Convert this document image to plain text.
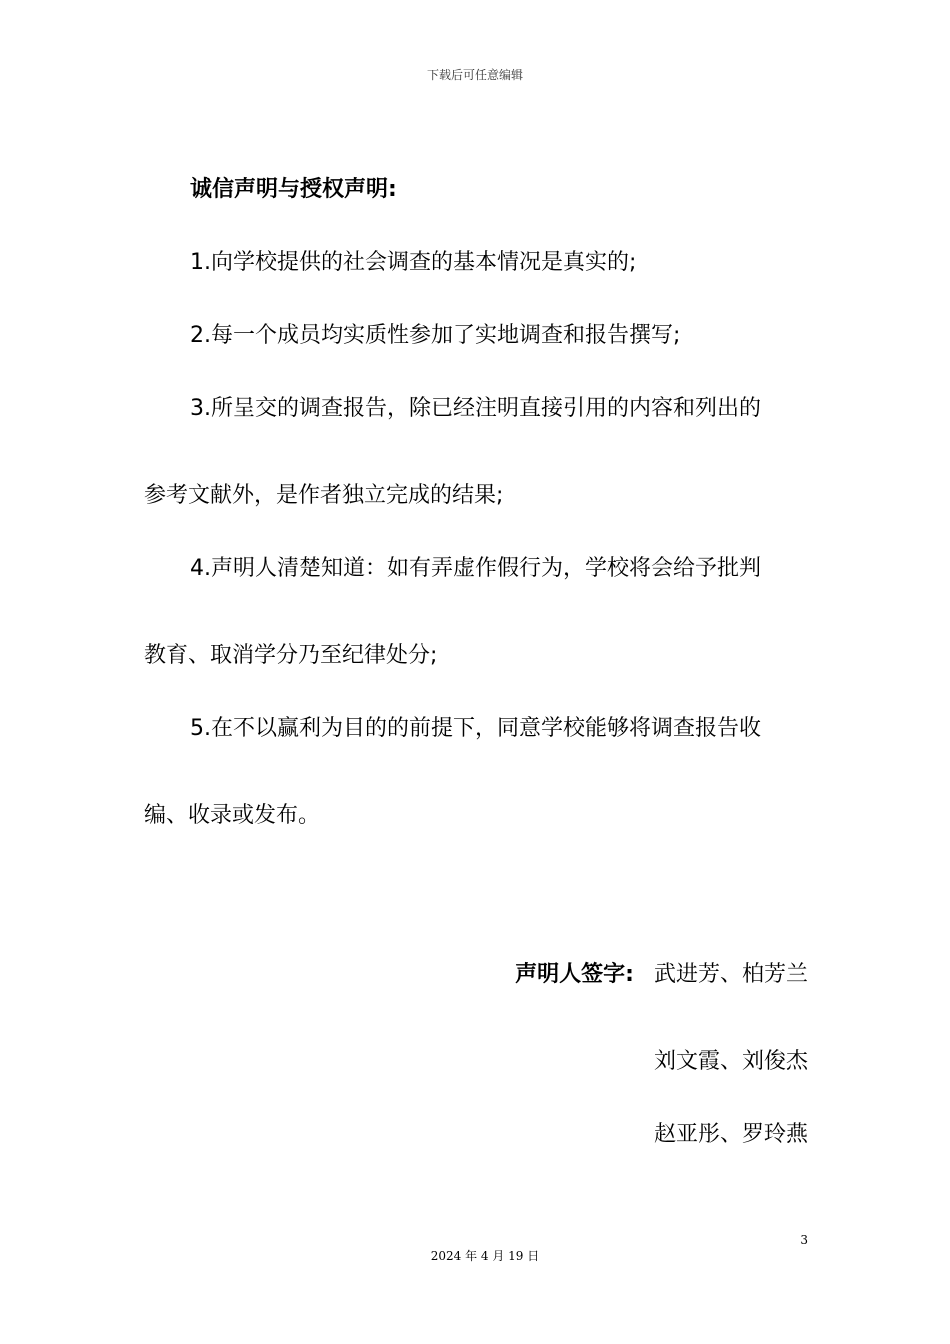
下载后可任意编辑
诚信声明与授权声明:
1.向学校提供的社会调查的基本情况是真实的;
2.每一个成员均实质性参加了实地调查和报告撰写;
3.所呈交的调查报告，除已经注明直接引用的内容和列出的
参考文献外，是作者独立完成的结果;
4.声明人清楚知道：如有弄虚作假行为，学校将会给予批判
教育、取消学分乃至纪律处分;
5.在不以赢利为目的的前提下，同意学校能够将调查报告收
编、收录或发布。
声明人签字: 武进芳、柏芳兰
刘文霞、刘俊杰
赵亚彤、罗玲燕
3
2024 年 4 月 19 日
